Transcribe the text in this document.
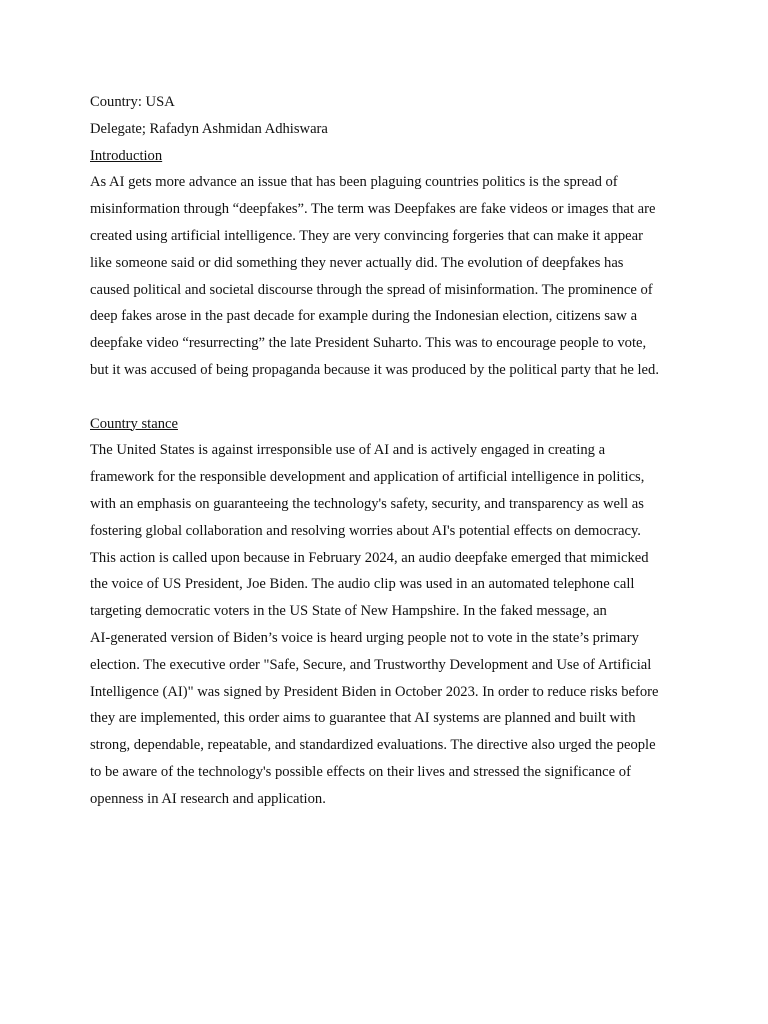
Country: USA

Delegate; Rafadyn Ashmidan Adhiswara

Introduction

As AI gets more advance an issue that has been plaguing countries politics is the spread of
misinformation through “deepfakes”. The term was Deepfakes are fake videos or images that are
created using artificial intelligence. They are very convincing forgeries that can make it appear
like someone said or did something they never actually did. The evolution of deepfakes has
caused political and societal discourse through the spread of misinformation. The prominence of
deep fakes arose in the past decade for example during the Indonesian election, citizens saw a
deepfake video “resurrecting” the late President Suharto. This was to encourage people to vote,
but it was accused of being propaganda because it was produced by the political party that he led.

Country stance

The United States is against irresponsible use of AI and is actively engaged in creating a
framework for the responsible development and application of artificial intelligence in politics,
with an emphasis on guaranteeing the technology's safety, security, and transparency as well as
fostering global collaboration and resolving worries about AI's potential effects on democracy.
This action is called upon because in February 2024, an audio deepfake emerged that mimicked
the voice of US President, Joe Biden. The audio clip was used in an automated telephone call
targeting democratic voters in the US State of New Hampshire. In the faked message, an
AI-generated version of Biden’s voice is heard urging people not to vote in the state’s primary
election. The executive order "Safe, Secure, and Trustworthy Development and Use of Artificial
Intelligence (AI)" was signed by President Biden in October 2023. In order to reduce risks before
they are implemented, this order aims to guarantee that AI systems are planned and built with
strong, dependable, repeatable, and standardized evaluations. The directive also urged the people
to be aware of the technology's possible effects on their lives and stressed the significance of
openness in AI research and application.
